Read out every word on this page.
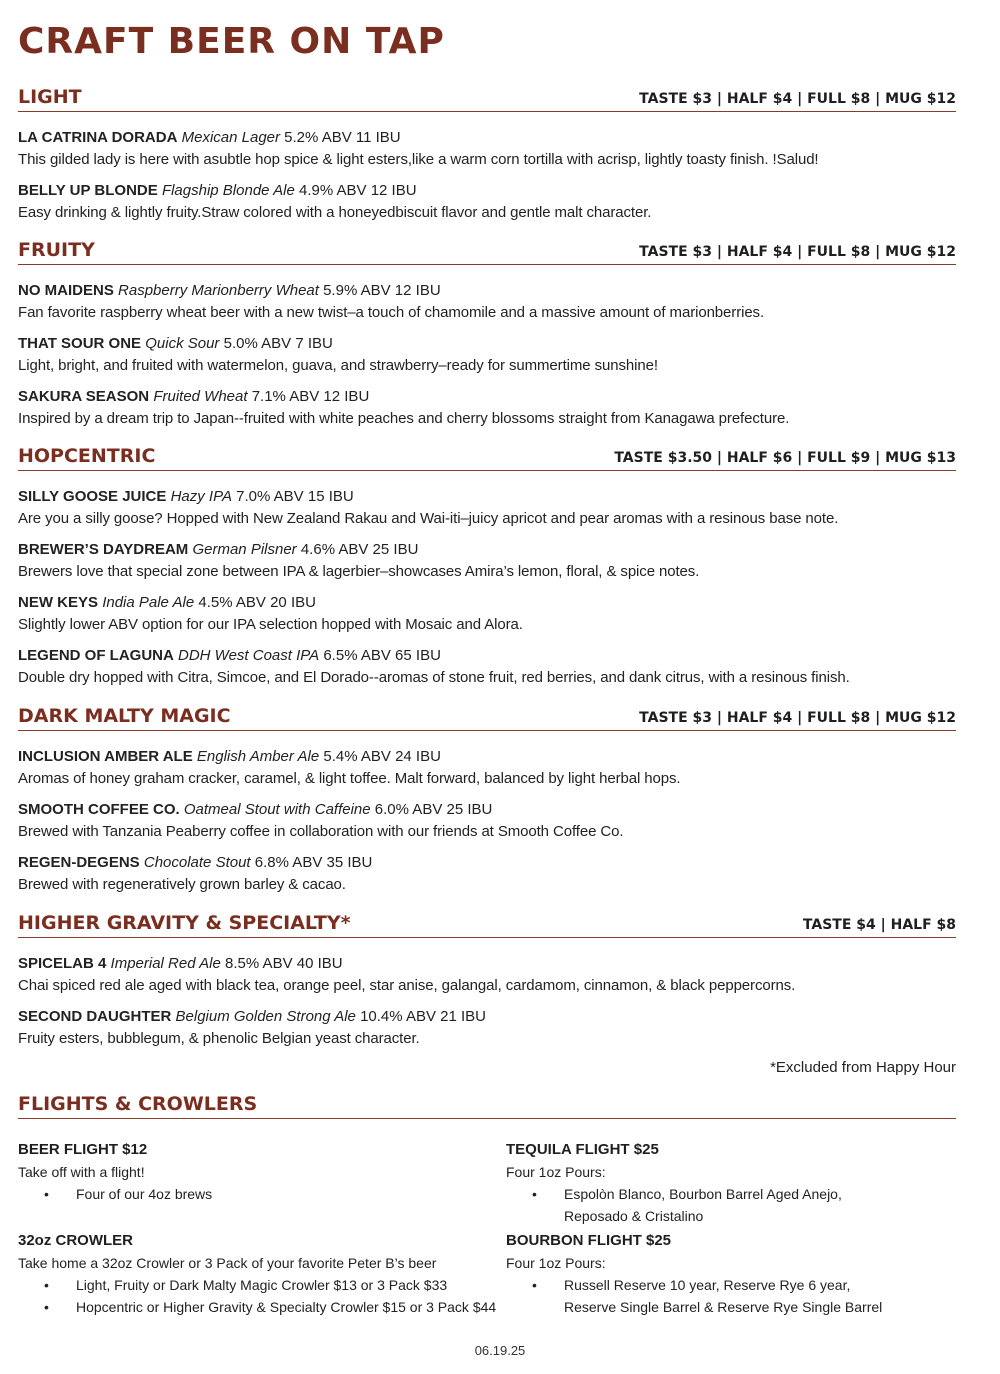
CRAFT BEER ON TAP
LIGHT	TASTE $3 | HALF $4 | FULL $8 | MUG $12
LA CATRINA DORADA Mexican Lager 5.2% ABV 11 IBU
This gilded lady is here with asubtle hop spice & light esters,like a warm corn tortilla with acrisp, lightly toasty finish. !Salud!
BELLY UP BLONDE Flagship Blonde Ale 4.9% ABV 12 IBU
Easy drinking & lightly fruity.Straw colored with a honeyedbiscuit flavor and gentle malt character.
FRUITY	TASTE $3 | HALF $4 | FULL $8 | MUG $12
NO MAIDENS Raspberry Marionberry Wheat 5.9% ABV 12 IBU
Fan favorite raspberry wheat beer with a new twist–a touch of chamomile and a massive amount of marionberries.
THAT SOUR ONE Quick Sour 5.0% ABV 7 IBU
Light, bright, and fruited with watermelon, guava, and strawberry–ready for summertime sunshine!
SAKURA SEASON Fruited Wheat 7.1% ABV 12 IBU
Inspired by a dream trip to Japan--fruited with white peaches and cherry blossoms straight from Kanagawa prefecture.
HOPCENTRIC	TASTE $3.50 | HALF $6 | FULL $9 | MUG $13
SILLY GOOSE JUICE Hazy IPA 7.0% ABV 15 IBU
Are you a silly goose? Hopped with New Zealand Rakau and Wai-iti–juicy apricot and pear aromas with a resinous base note.
BREWER’S DAYDREAM German Pilsner 4.6% ABV 25 IBU
Brewers love that special zone between IPA & lagerbier–showcases Amira’s lemon, floral, & spice notes.
NEW KEYS India Pale Ale 4.5% ABV 20 IBU
Slightly lower ABV option for our IPA selection hopped with Mosaic and Alora.
LEGEND OF LAGUNA DDH West Coast IPA 6.5% ABV 65 IBU
Double dry hopped with Citra, Simcoe, and El Dorado--aromas of stone fruit, red berries, and dank citrus, with a resinous finish.
DARK MALTY MAGIC	TASTE $3 | HALF $4 | FULL $8 | MUG $12
INCLUSION AMBER ALE English Amber Ale 5.4% ABV 24 IBU
Aromas of honey graham cracker, caramel, & light toffee. Malt forward, balanced by light herbal hops.
SMOOTH COFFEE CO. Oatmeal Stout with Caffeine 6.0% ABV 25 IBU
Brewed with Tanzania Peaberry coffee in collaboration with our friends at Smooth Coffee Co.
REGEN-DEGENS Chocolate Stout 6.8% ABV 35 IBU
Brewed with regeneratively grown barley & cacao.
HIGHER GRAVITY & SPECIALTY*	TASTE $4 | HALF $8
SPICELAB 4 Imperial Red Ale 8.5% ABV 40 IBU
Chai spiced red ale aged with black tea, orange peel, star anise, galangal, cardamom, cinnamon, & black peppercorns.
SECOND DAUGHTER Belgium Golden Strong Ale 10.4% ABV 21 IBU
Fruity esters, bubblegum, & phenolic Belgian yeast character.
*Excluded from Happy Hour
FLIGHTS & CROWLERS
BEER FLIGHT $12
Take off with a flight!
• Four of our 4oz brews
32oz CROWLER
Take home a 32oz Crowler or 3 Pack of your favorite Peter B’s beer
• Light, Fruity or Dark Malty Magic Crowler $13 or 3 Pack $33
• Hopcentric or Higher Gravity & Specialty Crowler $15 or 3 Pack $44
TEQUILA FLIGHT $25
Four 1oz Pours:
• Espolòn Blanco, Bourbon Barrel Aged Anejo,
Reposado & Cristalino
BOURBON FLIGHT $25
Four 1oz Pours:
• Russell Reserve 10 year, Reserve Rye 6 year,
Reserve Single Barrel & Reserve Rye Single Barrel
06.19.25
